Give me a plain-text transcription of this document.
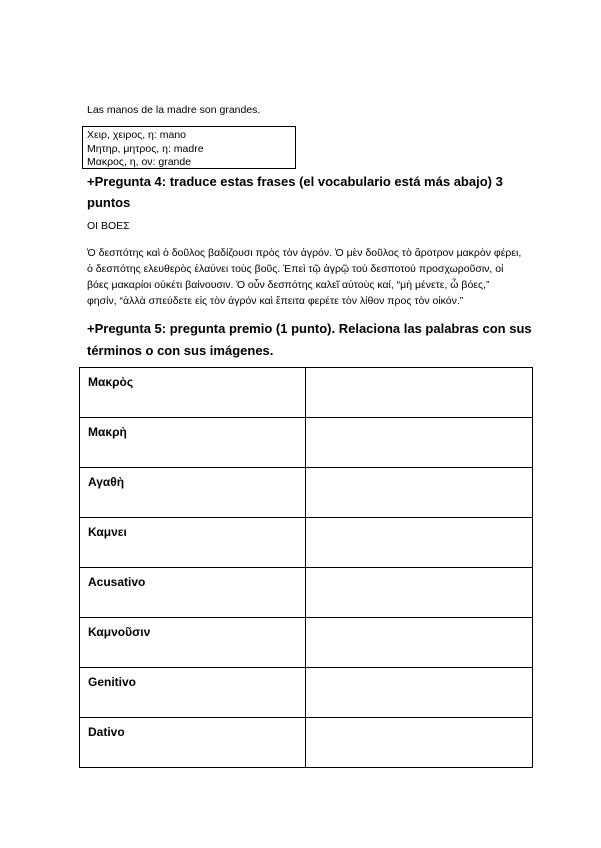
Las manos de la madre son grandes.
Χειρ, χειρος, η: mano
Μητηρ, μητρος, η: madre
Μακρος, η, ον: grande
+Pregunta 4: traduce estas frases (el vocabulario está más abajo) 3 puntos
ΟΙ ΒΟΕΣ
Ὁ δεσπότης καὶ ὁ δοῦλος βαδίζουσι πρὸς τὸν ἀγρόν. Ὁ μὲν δοῦλος τὸ ἄροτρον μακρὸν φέρει,
ὁ δεσπότης ελευθερὸς ἐλαύνει τοὺς βοῦς. Ἐπεὶ τῷ ἀγρῷ τού δεσποτού προσχωροῦσιν, οἱ
βόες μακαρίοι οὐκέτι βαίνουσιν. Ὁ οὖν δεσπότης καλεῖ αὐτοὺς καί, “μὴ μένετε, ὦ βόες,”
φησίν, “ἀλλὰ σπεύδετε εἰς τὸν ἀγρόν καὶ ἔπειτα φερέτε τὸν λίθον προς τὸν οἰκόν.”
+Pregunta 5: pregunta premio (1 punto). Relaciona las palabras con sus términos o con sus imágenes.
Μακρὸς	
Μακρὴ	
Αγαθὴ	
Καμνει	
Acusativo	
Καμνοῦσιν	
Genitivo	
Dativo	
